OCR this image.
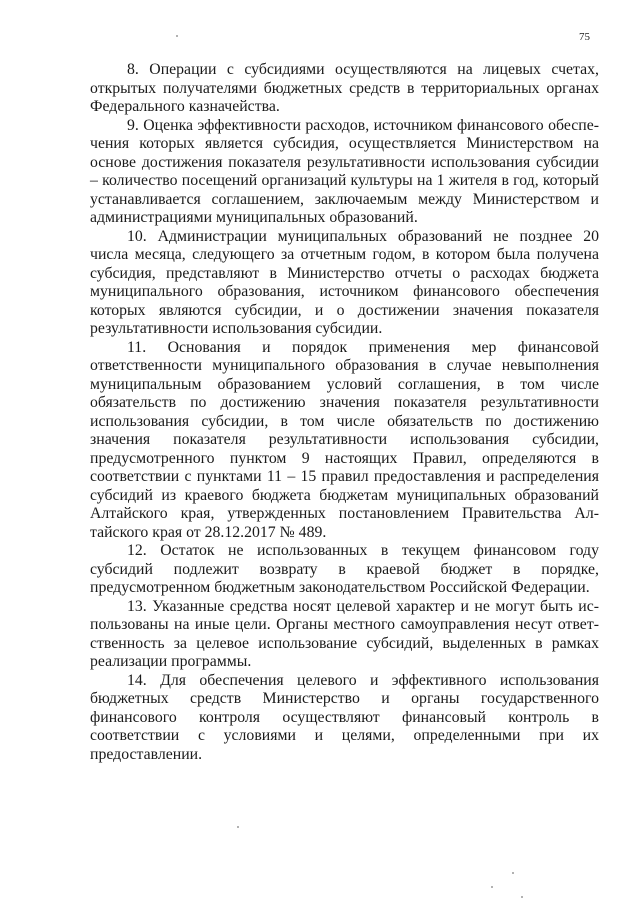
75

8. Операции с субсидиями осуществляются на лицевых счетах, открытых получателями бюджетных средств в территориальных органах Федерального казначейства.

9. Оценка эффективности расходов, источником финансового обеспечения которых является субсидия, осуществляется Министерством на основе достижения показателя результативности использования субсидии – количество посещений организаций культуры на 1 жителя в год, который устанавливается соглашением, заключаемым между Министерством и администрациями муниципальных образований.

10. Администрации муниципальных образований не позднее 20 числа месяца, следующего за отчетным годом, в котором была получена субсидия, представляют в Министерство отчеты о расходах бюджета муниципального образования, источником финансового обеспечения которых являются субсидии, и о достижении значения показателя результативности использования субсидии.

11. Основания и порядок применения мер финансовой ответственности муниципального образования в случае невыполнения муниципальным образованием условий соглашения, в том числе обязательств по достижению значения показателя результативности использования субсидии, в том числе обязательств по достижению значения показателя результативности использования субсидии, предусмотренного пунктом 9 настоящих Правил, определяются в соответствии с пунктами 11 – 15 правил предоставления и распределения субсидий из краевого бюджета бюджетам муниципальных образований Алтайского края, утвержденных постановлением Правительства Алтайского края от 28.12.2017 № 489.

12. Остаток не использованных в текущем финансовом году субсидий подлежит возврату в краевой бюджет в порядке, предусмотренном бюджетным законодательством Российской Федерации.

13. Указанные средства носят целевой характер и не могут быть использованы на иные цели. Органы местного самоуправления несут ответственность за целевое использование субсидий, выделенных в рамках реализации программы.

14. Для обеспечения целевого и эффективного использования бюджетных средств Министерство и органы государственного финансового контроля осуществляют финансовый контроль в соответствии с условиями и целями, определенными при их предоставлении.
